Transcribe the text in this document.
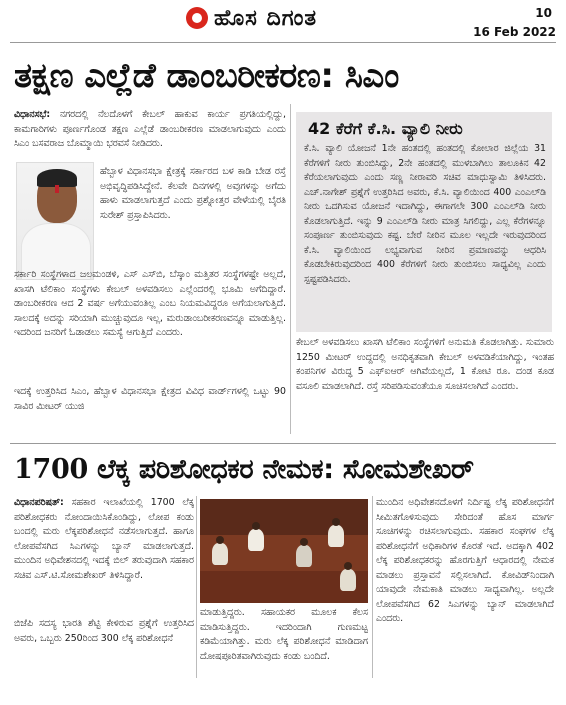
ಹೊಸ ದಿಗಂತ	10
16 Feb 2022
ತಕ್ಷಣ ಎಲ್ಲೆಡೆ ಡಾಂಬರೀಕರಣ: ಸಿಎಂ
ವಿಧಾನಸಭೆ: ನಗರದಲ್ಲಿ ನೆಲದೊಳಗೆ ಕೇಬಲ್ ಹಾಕುವ ಕಾರ್ಯ ಪ್ರಗತಿಯಲ್ಲಿದ್ದು, ಕಾಮಗಾರಿಗಳು ಪೂರ್ಣಗೊಂಡ ತಕ್ಷಣ ಎಲ್ಲೆಡೆ ಡಾಂಬರೀಕರಣ ಮಾಡಲಾಗುವುದು ಎಂದು ಸಿಎಂ ಬಸವರಾಜ ಬೊಮ್ಮಾಯಿ ಭರವಸೆ ನೀಡಿದರು.
ಹೆಬ್ಬಾಳ ವಿಧಾನಸಭಾ ಕ್ಷೇತ್ರಕ್ಕೆ ಸರ್ಕಾರದ ಬಳ ಕಾಡಿ ಬೇಡ ರಸ್ತೆ ಅಭಿವೃದ್ಧಿಪಡಿಸಿದ್ದೇನೆ. ಕೆಲವೇ ದಿನಗಳಲ್ಲಿ ಅವುಗಳನ್ನು ಅಗೆದು ಹಾಳು ಮಾಡಲಾಗುತ್ತದೆ ಎಂದು ಪ್ರಶ್ನೋತ್ತರ ವೇಳೆಯಲ್ಲಿ ಬೈರತಿ ಸುರೇಶ್ ಪ್ರಸ್ತಾಪಿಸಿದರು.
ಸರ್ಕಾರಿ ಸಂಸ್ಥೆಗಳಾದ ಜಲಮಂಡಳಿ, ಎಸ್ ಎಸ್‌ಬಿ, ಬೆಸ್ಕಾಂ ಮತ್ತಿತರ ಸಂಸ್ಥೆಗಳಷ್ಟೇ ಅಲ್ಲದೆ, ಖಾಸಗಿ ಟೆಲಿಕಾಂ ಸಂಸ್ಥೆಗಳು ಕೇಬಲ್ ಅಳವಡಿಸಲು ಎಲ್ಲೆಂದರಲ್ಲಿ ಭೂಮಿ ಅಗೆದಿದ್ದಾರೆ. ಡಾಂಬರೀಕರಣ ಆದ 2 ವರ್ಷ ಅಗೆಯುವಂತಿಲ್ಲ ಎಂಬ ನಿಯಮವಿದ್ದರೂ ಅಗೆಯಲಾಗುತ್ತಿದೆ. ಸಾಲದಕ್ಕೆ ಅದನ್ನು ಸರಿಯಾಗಿ ಮುಚ್ಚುವುದೂ ಇಲ್ಲ, ಮರುಡಾಂಬರೀಕರಣವನ್ನೂ ಮಾಡುತ್ತಿಲ್ಲ. ಇದರಿಂದ ಜನರಿಗೆ ಓಡಾಡಲು ಸಮಸ್ಯೆ ಆಗುತ್ತಿದೆ ಎಂದರು.
ಇದಕ್ಕೆ ಉತ್ತರಿಸಿದ ಸಿಎಂ, ಹೆಬ್ಬಾಳ ವಿಧಾನಸಭಾ ಕ್ಷೇತ್ರದ ವಿವಿಧ ವಾರ್ಡ್‌ಗಳಲ್ಲಿ ಒಟ್ಟು 90 ಸಾವಿರ ಮೀಟರ್ ಯುಜಿ
42 ಕೆರೆಗೆ ಕೆ.ಸಿ. ವ್ಯಾಲಿ ನೀರು
ಕೆ.ಸಿ. ವ್ಯಾಲಿ ಯೋಜನೆ 1ನೇ ಹಂತದಲ್ಲಿ ಹಂತದಲ್ಲಿ ಕೋಲಾರ ಜಿಲ್ಲೆಯ 31 ಕೆರೆಗಳಿಗೆ ನೀರು ತುಂಬಿಸಿದ್ದು, 2ನೇ ಹಂತದಲ್ಲಿ ಮುಳಬಾಗಿಲು ತಾಲೂಕಿನ 42 ಕೆರೆಯಲಾಗುವುದು ಎಂದು ಸಣ್ಣ ನೀರಾವರಿ ಸಚಿವ ಮಾಧುಸ್ವಾಮಿ ತಿಳಿಸಿದರು. ಎಚ್.ನಾಗೇಶ್ ಪ್ರಶ್ನೆಗೆ ಉತ್ತರಿಸಿದ ಅವರು, ಕೆ.ಸಿ. ವ್ಯಾಲಿಯಿಂದ 400 ಎಂಎಲ್‌ಡಿ ನೀರು ಒದಗಿಸುವ ಯೋಜನೆ ಇದಾಗಿದ್ದು, ಈಗಾಗಲೇ 300 ಎಂಎಲ್‌ಡಿ ನೀರು ಕೊಡಲಾಗುತ್ತಿದೆ. ಇನ್ನು 9 ಎಂಎಲ್‌ಡಿ ನೀರು ಮಾತ್ರ ಸಿಗಲಿದ್ದು, ಎಲ್ಲ ಕೆರೆಗಳನ್ನೂ ಸಂಪೂರ್ಣ ತುಂಬಿಸುವುದು ಕಷ್ಟ. ಬೇರೆ ನೀರಿನ ಮೂಲ ಇಲ್ಲದೇ ಇರುವುದರಿಂದ ಕೆ.ಸಿ. ವ್ಯಾಲಿಯಿಂದ ಲಭ್ಯವಾಗುವ ನೀರಿನ ಪ್ರಮಾಣವನ್ನು ಆಧರಿಸಿ ಕೊಡಬೇಕಿರುವುದರಿಂದ 400 ಕೆರೆಗಳಿಗೆ ನೀರು ತುಂಬಿಸಲು ಸಾಧ್ಯವಿಲ್ಲ ಎಂದು ಸ್ಪಷ್ಟಪಡಿಸಿದರು.
ಕೇಬಲ್ ಅಳವಡಿಸಲು ಖಾಸಗಿ ಟೆಲಿಕಾಂ ಸಂಸ್ಥೆಗಳಿಗೆ ಅನುಮತಿ ಕೊಡಲಾಗಿತ್ತು. ಸುಮಾರು 1250 ಮೀಟರ್ ಉದ್ದದಲ್ಲಿ ಅನಧಿಕೃತವಾಗಿ ಕೇಬಲ್ ಅಳವಡಿಕೆಯಾಗಿದ್ದು, ಇಂತಹ ಕಂಪನಿಗಳ ವಿರುದ್ಧ 5 ಎಫ್‌ಐಆರ್ ಆಗಿವೆಯಲ್ಲದೆ, 1 ಕೋಟಿ ರೂ. ದಂಡ ಕೂಡ ವಸೂಲಿ ಮಾಡಲಾಗಿದೆ. ರಸ್ತೆ ಸರಿಪಡಿಸುವಂತೆಯೂ ಸೂಚಿಸಲಾಗಿದೆ ಎಂದರು.
1700 ಲೆಕ್ಕ ಪರಿಶೋಧಕರ ನೇಮಕ: ಸೋಮಶೇಖರ್
ವಿಧಾನಪರಿಷತ್: ಸಹಕಾರ ಇಲಾಖೆಯಲ್ಲಿ 1700 ಲೆಕ್ಕ ಪರಿಶೋಧಕರು ನೋಂದಾಯಿಸಿಕೊಂಡಿದ್ದು, ಲೋಪ ಕಂಡು ಬಂದಲ್ಲಿ ಮರು ಲೆಕ್ಕಪರಿಶೋಧನೆ ನಡೆಸಲಾಗುತ್ತದೆ. ಹಾಗೂ ಲೋಪವೆಸಗಿದ ಸಿಎಗಳನ್ನು ಬ್ಯಾನ್ ಮಾಡಲಾಗುತ್ತದೆ. ಮುಂದಿನ ಅಧಿವೇಶನದಲ್ಲಿ ಇದಕ್ಕೆ ಬಿಲ್ ತರುವುದಾಗಿ ಸಹಕಾರ ಸಚಿವ ಎಸ್.ಟಿ.ಸೋಮಶೇಖರ್ ತಿಳಿಸಿದ್ದಾರೆ.
ಬಿಜೆಪಿ ಸದಸ್ಯ ಭಾರತಿ ಶೆಟ್ಟಿ ಕೇಳಿರುವ ಪ್ರಶ್ನೆಗೆ ಉತ್ತರಿಸಿದ ಅವರು, ಒಬ್ಬರು 250ರಿಂದ 300 ಲೆಕ್ಕ ಪರಿಶೋಧನೆ
ಮಾಡುತ್ತಿದ್ದರು. ಸಹಾಯಕರ ಮೂಲಕ ಕೆಲಸ ಮಾಡಿಸುತ್ತಿದ್ದರು. ಇದರಿಂದಾಗಿ ಗುಣಮಟ್ಟ ಕಡಿಮೆಯಾಗಿತ್ತು. ಮರು ಲೆಕ್ಕ ಪರಿಶೋಧನೆ ಮಾಡಿದಾಗ ದೋಷಪೂರಿತವಾಗಿರುವುದು ಕಂಡು ಬಂದಿದೆ.
ಮುಂದಿನ ಅಧಿವೇಶನದೊಳಗೆ ನಿರ್ದಿಷ್ಟ ಲೆಕ್ಕ ಪರಿಶೋಧನೆಗೆ ಸೀಮಿತಗೊಳಿಸುವುದು ಸೇರಿದಂತೆ ಹೊಸ ಮಾರ್ಗ ಸೂಚಿಗಳನ್ನು ರಚಿಸಲಾಗುವುದು. ಸಹಕಾರ ಸಂಘಗಳ ಲೆಕ್ಕ ಪರಿಶೋಧನೆಗೆ ಅಧಿಕಾರಿಗಳ ಕೊರತೆ ಇದೆ. ಅದಕ್ಕಾಗಿ 402 ಲೆಕ್ಕ ಪರಿಶೋಧಕರನ್ನು ಹೊರಗುತ್ತಿಗೆ ಆಧಾರದಲ್ಲಿ ನೇಮಕ ಮಾಡಲು ಪ್ರಸ್ತಾವನೆ ಸಲ್ಲಿಸಲಾಗಿದೆ. ಕೋವಿಡ್‌ನಿಂದಾಗಿ ಯಾವುದೇ ನೇಮಕಾತಿ ಮಾಡಲು ಸಾಧ್ಯವಾಗಿಲ್ಲ. ಅಲ್ಲದೇ ಲೋಪವೆಸಗಿದ 62 ಸಿಎಗಳನ್ನು ಬ್ಯಾನ್ ಮಾಡಲಾಗಿದೆ ಎಂದರು.
